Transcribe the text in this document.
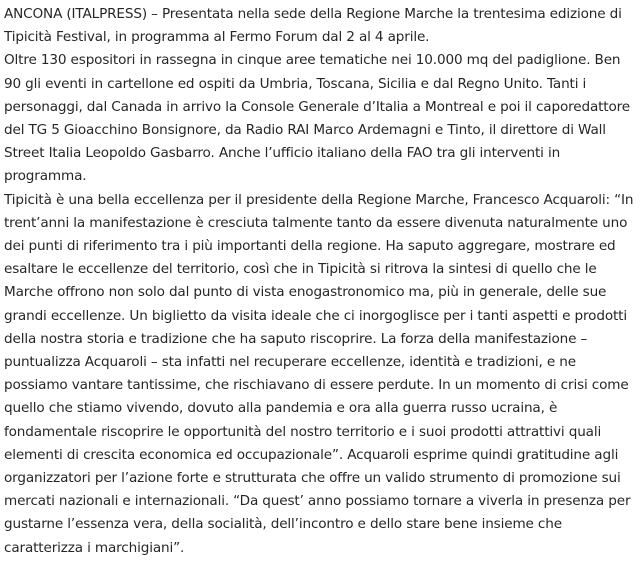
ANCONA (ITALPRESS) – Presentata nella sede della Regione Marche la trentesima edizione di Tipicità Festival, in programma al Fermo Forum dal 2 al 4 aprile.

Oltre 130 espositori in rassegna in cinque aree tematiche nei 10.000 mq del padiglione. Ben 90 gli eventi in cartellone ed ospiti da Umbria, Toscana, Sicilia e dal Regno Unito. Tanti i personaggi, dal Canada in arrivo la Console Generale d’Italia a Montreal e poi il caporedattore del TG 5 Gioacchino Bonsignore, da Radio RAI Marco Ardemagni e Tinto, il direttore di Wall Street Italia Leopoldo Gasbarro. Anche l’ufficio italiano della FAO tra gli interventi in programma.

Tipicità è una bella eccellenza per il presidente della Regione Marche, Francesco Acquaroli: “In trent’anni la manifestazione è cresciuta talmente tanto da essere divenuta naturalmente uno dei punti di riferimento tra i più importanti della regione. Ha saputo aggregare, mostrare ed esaltare le eccellenze del territorio, così che in Tipicità si ritrova la sintesi di quello che le Marche offrono non solo dal punto di vista enogastronomico ma, più in generale, delle sue grandi eccellenze. Un biglietto da visita ideale che ci inorgoglisce per i tanti aspetti e prodotti della nostra storia e tradizione che ha saputo riscoprire. La forza della manifestazione – puntualizza Acquaroli – sta infatti nel recuperare eccellenze, identità e tradizioni, e ne possiamo vantare tantissime, che rischiavano di essere perdute. In un momento di crisi come quello che stiamo vivendo, dovuto alla pandemia e ora alla guerra russo ucraina, è fondamentale riscoprire le opportunità del nostro territorio e i suoi prodotti attrattivi quali elementi di crescita economica ed occupazionale”. Acquaroli esprime quindi gratitudine agli organizzatori per l’azione forte e strutturata che offre un valido strumento di promozione sui mercati nazionali e internazionali. “Da quest’ anno possiamo tornare a viverla in presenza per gustarne l’essenza vera, della socialità, dell’incontro e dello stare bene insieme che caratterizza i marchigiani”.
